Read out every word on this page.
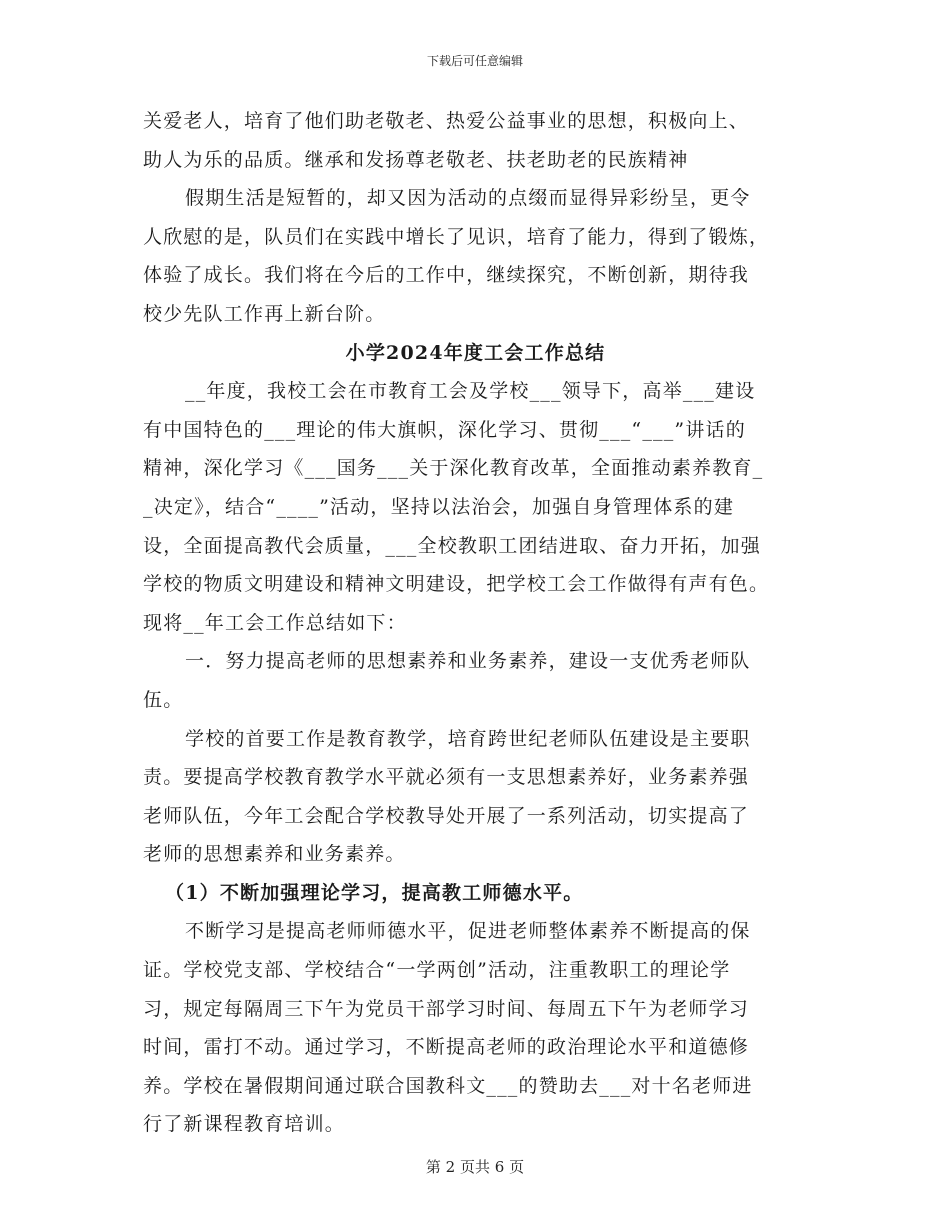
下载后可任意编辑
关爱老人，培育了他们助老敬老、热爱公益事业的思想，积极向上、
助人为乐的品质。继承和发扬尊老敬老、扶老助老的民族精神
假期生活是短暂的，却又因为活动的点缀而显得异彩纷呈，更令
人欣慰的是，队员们在实践中增长了见识，培育了能力，得到了锻炼，
体验了成长。我们将在今后的工作中，继续探究，不断创新，期待我
校少先队工作再上新台阶。
小学2024年度工会工作总结
__年度，我校工会在市教育工会及学校___领导下，高举___建设
有中国特色的___理论的伟大旗帜，深化学习、贯彻___“___”讲话的
精神，深化学习《___国务___关于深化教育改革，全面推动素养教育_
_决定》，结合“____”活动，坚持以法治会，加强自身管理体系的建
设，全面提高教代会质量，___全校教职工团结进取、奋力开拓，加强
学校的物质文明建设和精神文明建设，把学校工会工作做得有声有色。
现将__年工会工作总结如下：
一．努力提高老师的思想素养和业务素养，建设一支优秀老师队
伍。
学校的首要工作是教育教学，培育跨世纪老师队伍建设是主要职
责。要提高学校教育教学水平就必须有一支思想素养好，业务素养强
老师队伍，今年工会配合学校教导处开展了一系列活动，切实提高了
老师的思想素养和业务素养。
（1）不断加强理论学习，提高教工师德水平。
不断学习是提高老师师德水平，促进老师整体素养不断提高的保
证。学校党支部、学校结合“一学两创”活动，注重教职工的理论学
习，规定每隔周三下午为党员干部学习时间、每周五下午为老师学习
时间，雷打不动。通过学习，不断提高老师的政治理论水平和道德修
养。学校在暑假期间通过联合国教科文___的赞助去___对十名老师进
行了新课程教育培训。
第 2 页共 6 页
